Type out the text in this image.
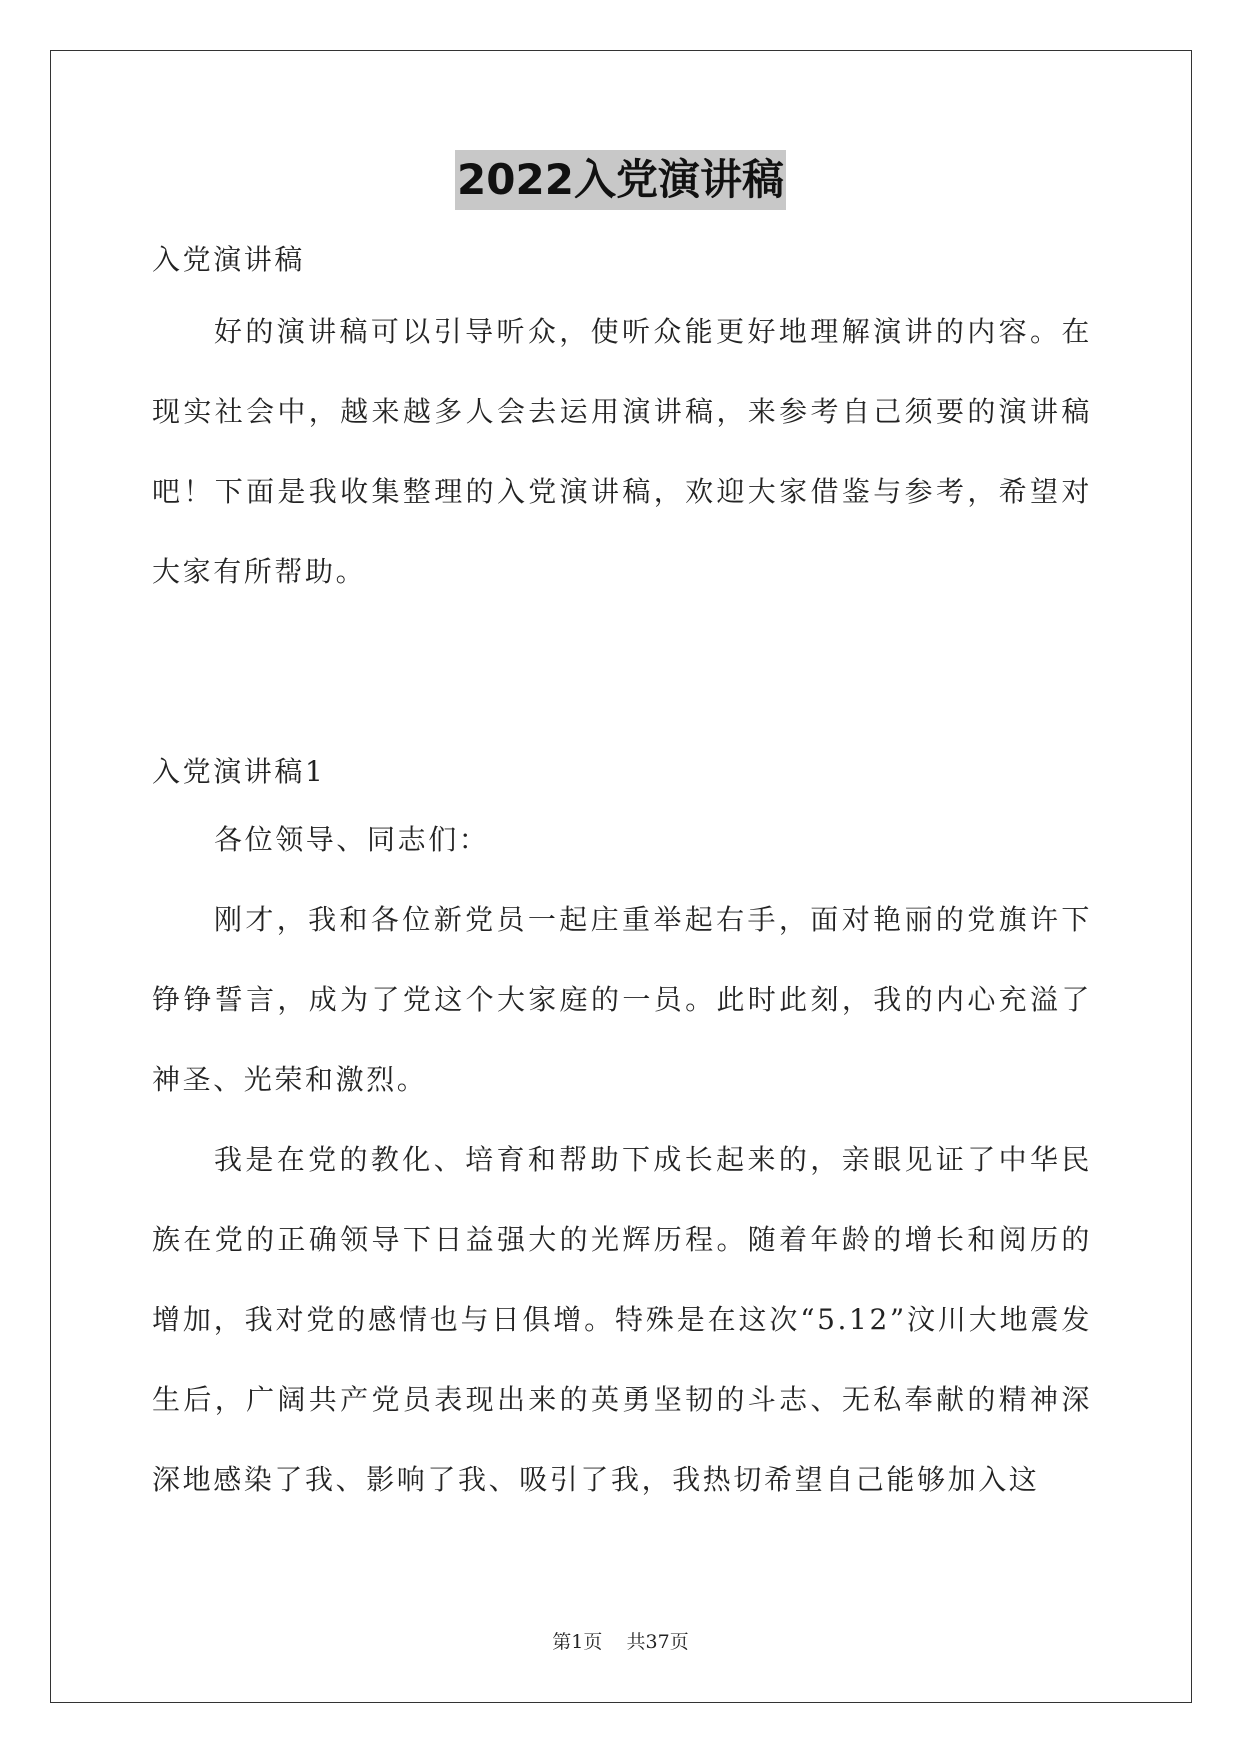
2022入党演讲稿

入党演讲稿

好的演讲稿可以引导听众，使听众能更好地理解演讲的内容。在现实社会中，越来越多人会去运用演讲稿，来参考自己须要的演讲稿吧！下面是我收集整理的入党演讲稿，欢迎大家借鉴与参考，希望对大家有所帮助。

入党演讲稿1

各位领导、同志们：

刚才，我和各位新党员一起庄重举起右手，面对艳丽的党旗许下铮铮誓言，成为了党这个大家庭的一员。此时此刻，我的内心充溢了神圣、光荣和激烈。

我是在党的教化、培育和帮助下成长起来的，亲眼见证了中华民族在党的正确领导下日益强大的光辉历程。随着年龄的增长和阅历的增加，我对党的感情也与日俱增。特殊是在这次“5.12”汶川大地震发生后，广阔共产党员表现出来的英勇坚韧的斗志、无私奉献的精神深深地感染了我、影响了我、吸引了我，我热切希望自己能够加入这

第1页 共37页
